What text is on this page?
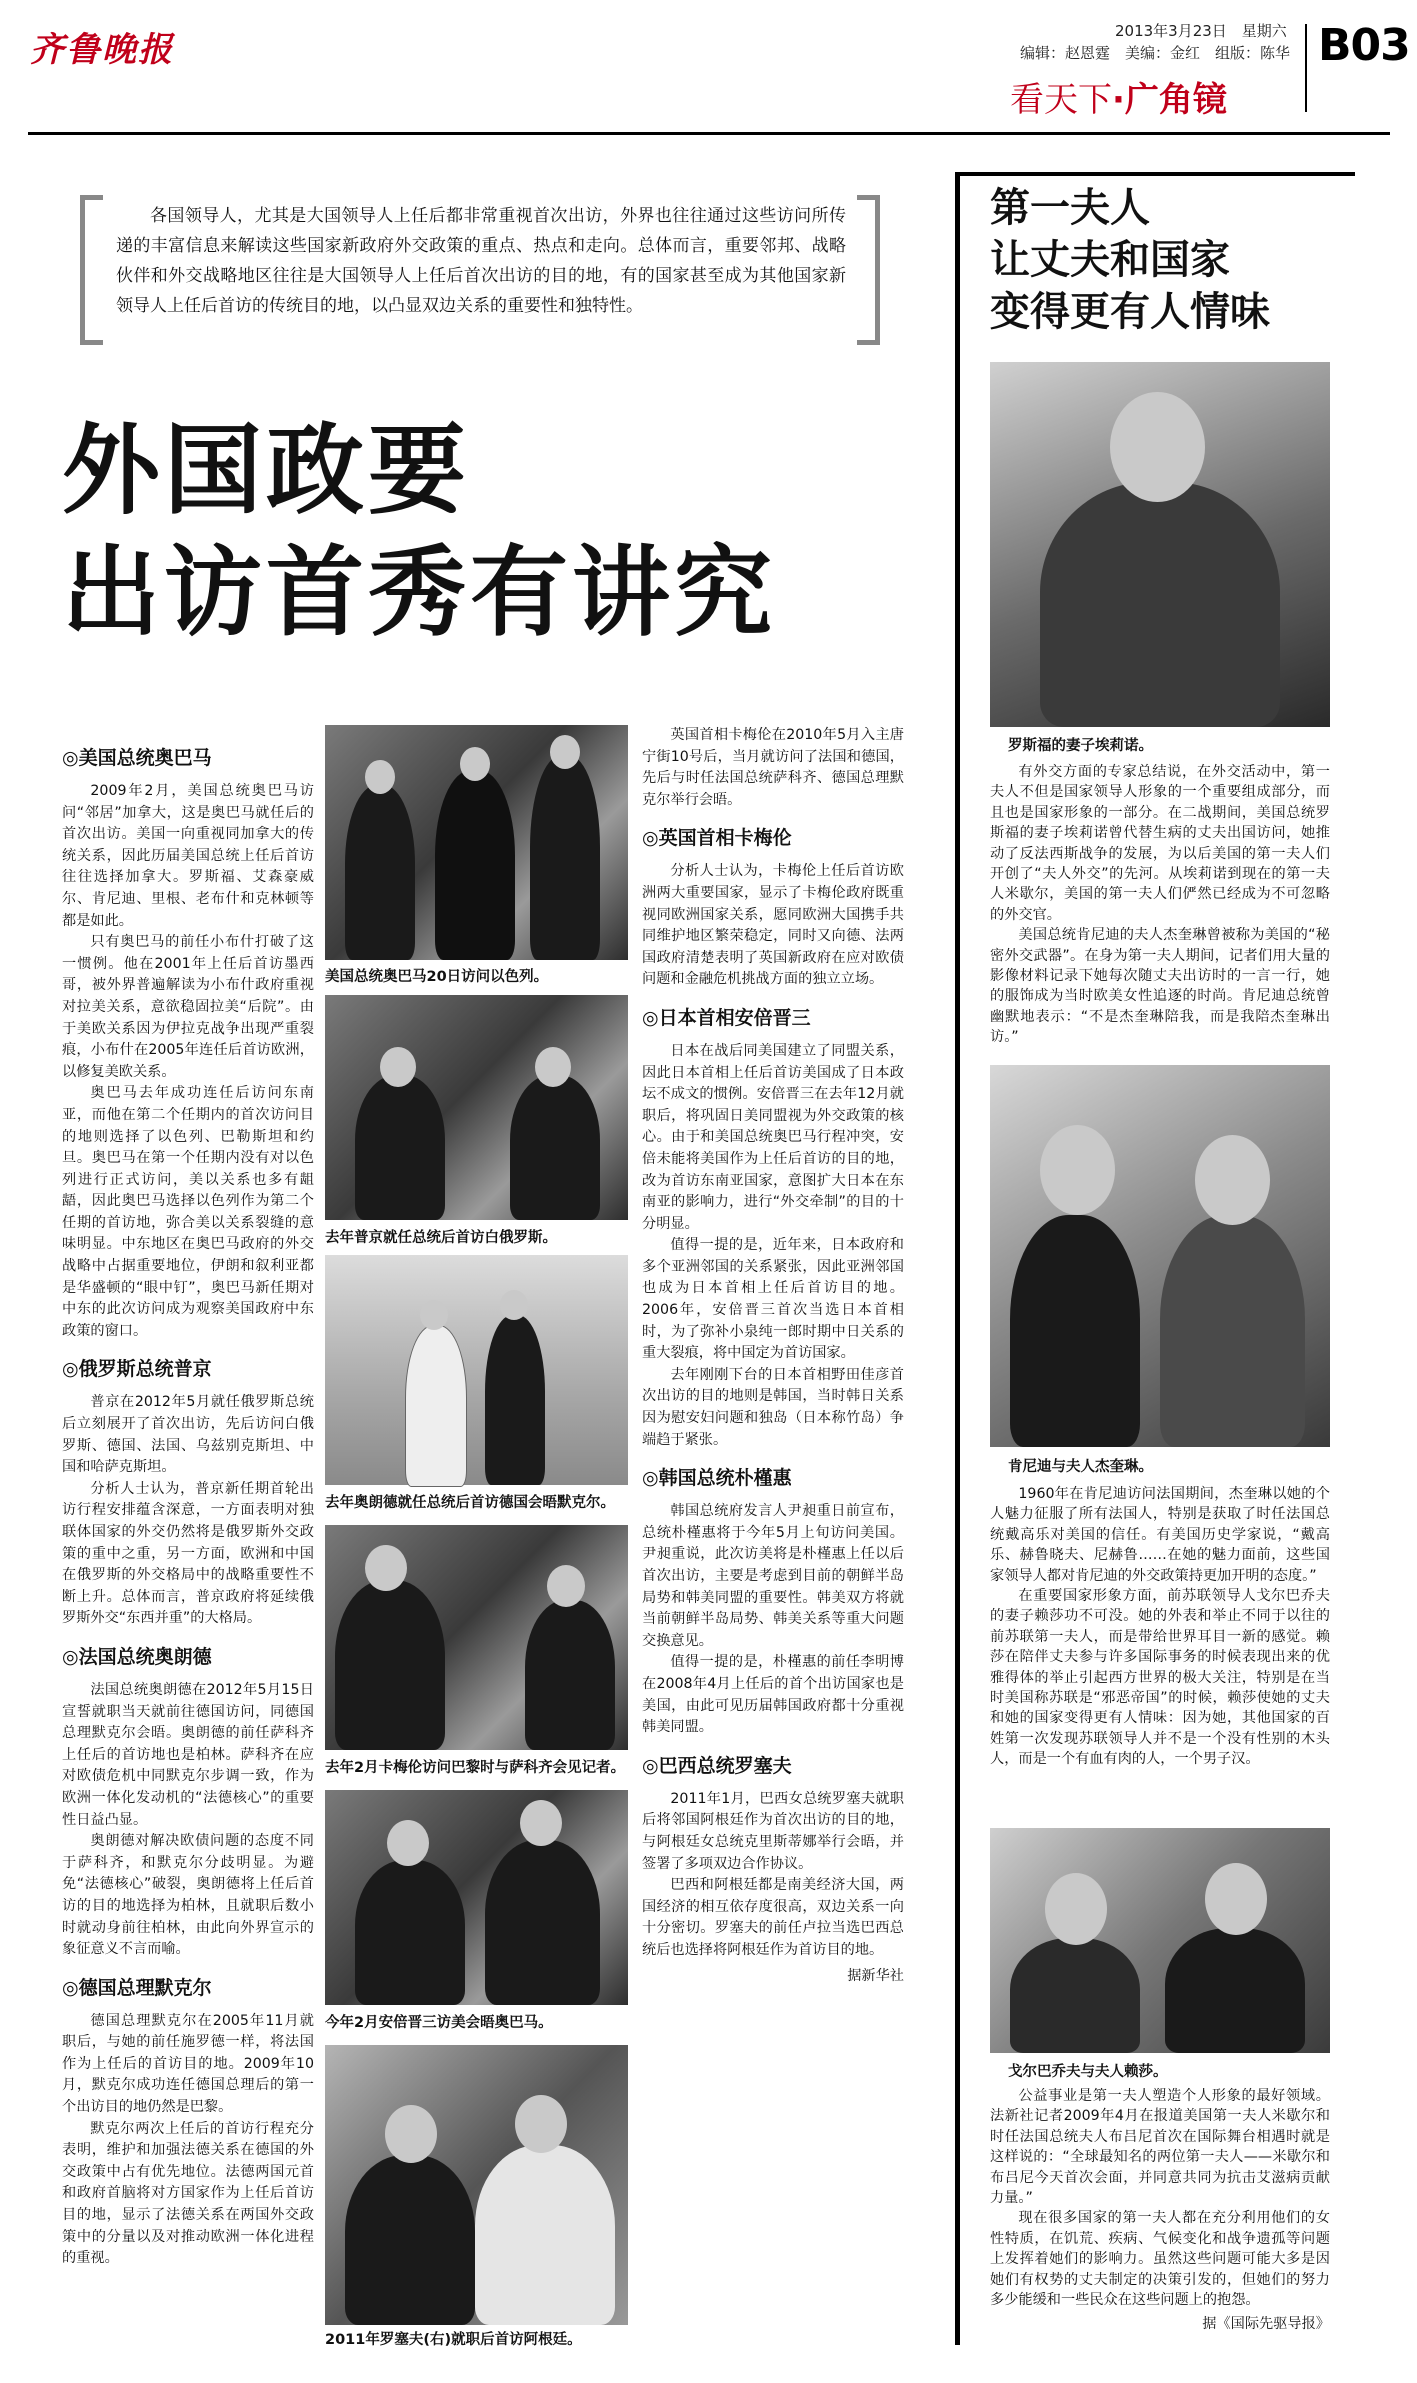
齐鲁晚报	2013年3月23日　星期六
编辑：赵恩霆　美编：金红　组版：陈华 B03
看天下·广角镜
各国领导人，尤其是大国领导人上任后都非常重视首次出访，外界也往往通过这些访问所传递的丰富信息来解读这些国家新政府外交政策的重点、热点和走向。总体而言，重要邻邦、战略伙伴和外交战略地区往往是大国领导人上任后首次出访的目的地，有的国家甚至成为其他国家新领导人上任后首访的传统目的地，以凸显双边关系的重要性和独特性。
外国政要
出访首秀有讲究
◎美国总统奥巴马

2009年2月，美国总统奥巴马访问“邻居”加拿大，这是奥巴马就任后的首次出访。美国一向重视同加拿大的传统关系，因此历届美国总统上任后首访往往选择加拿大。罗斯福、艾森豪威尔、肯尼迪、里根、老布什和克林顿等都是如此。

只有奥巴马的前任小布什打破了这一惯例。他在2001年上任后首访墨西哥，被外界普遍解读为小布什政府重视对拉美关系，意欲稳固拉美“后院”。由于美欧关系因为伊拉克战争出现严重裂痕，小布什在2005年连任后首访欧洲，以修复美欧关系。

奥巴马去年成功连任后访问东南亚，而他在第二个任期内的首次访问目的地则选择了以色列、巴勒斯坦和约旦。奥巴马在第一个任期内没有对以色列进行正式访问，美以关系也多有龃龉，因此奥巴马选择以色列作为第二个任期的首访地，弥合美以关系裂缝的意味明显。中东地区在奥巴马政府的外交战略中占据重要地位，伊朗和叙利亚都是华盛顿的“眼中钉”，奥巴马新任期对中东的此次访问成为观察美国政府中东政策的窗口。

◎俄罗斯总统普京

普京在2012年5月就任俄罗斯总统后立刻展开了首次出访，先后访问白俄罗斯、德国、法国、乌兹别克斯坦、中国和哈萨克斯坦。

分析人士认为，普京新任期首轮出访行程安排蕴含深意，一方面表明对独联体国家的外交仍然将是俄罗斯外交政策的重中之重，另一方面，欧洲和中国在俄罗斯的外交格局中的战略重要性不断上升。总体而言，普京政府将延续俄罗斯外交“东西并重”的大格局。

◎法国总统奥朗德

法国总统奥朗德在2012年5月15日宣誓就职当天就前往德国访问，同德国总理默克尔会晤。奥朗德的前任萨科齐上任后的首访地也是柏林。萨科齐在应对欧债危机中同默克尔步调一致，作为欧洲一体化发动机的“法德核心”的重要性日益凸显。

奥朗德对解决欧债问题的态度不同于萨科齐，和默克尔分歧明显。为避免“法德核心”破裂，奥朗德将上任后首访的目的地选择为柏林，且就职后数小时就动身前往柏林，由此向外界宣示的象征意义不言而喻。

◎德国总理默克尔

德国总理默克尔在2005年11月就职后，与她的前任施罗德一样，将法国作为上任后的首访目的地。2009年10月，默克尔成功连任德国总理后的第一个出访目的地仍然是巴黎。

默克尔两次上任后的首访行程充分表明，维护和加强法德关系在德国的外交政策中占有优先地位。法德两国元首和政府首脑将对方国家作为上任后首访目的地，显示了法德关系在两国外交政策中的分量以及对推动欧洲一体化进程的重视。

美国总统奥巴马20日访问以色列。
去年普京就任总统后首访白俄罗斯。
去年奥朗德就任总统后首访德国会晤默克尔。
去年2月卡梅伦访问巴黎时与萨科齐会见记者。
今年2月安倍晋三访美会晤奥巴马。
2011年罗塞夫(右)就职后首访阿根廷。

英国首相卡梅伦在2010年5月入主唐宁街10号后，当月就访问了法国和德国，先后与时任法国总统萨科齐、德国总理默克尔举行会晤。

◎英国首相卡梅伦

分析人士认为，卡梅伦上任后首访欧洲两大重要国家，显示了卡梅伦政府既重视同欧洲国家关系，愿同欧洲大国携手共同维护地区繁荣稳定，同时又向德、法两国政府清楚表明了英国新政府在应对欧债问题和金融危机挑战方面的独立立场。

◎日本首相安倍晋三

日本在战后同美国建立了同盟关系，因此日本首相上任后首访美国成了日本政坛不成文的惯例。安倍晋三在去年12月就职后，将巩固日美同盟视为外交政策的核心。由于和美国总统奥巴马行程冲突，安倍未能将美国作为上任后首访的目的地，改为首访东南亚国家，意图扩大日本在东南亚的影响力，进行“外交牵制”的目的十分明显。

值得一提的是，近年来，日本政府和多个亚洲邻国的关系紧张，因此亚洲邻国也成为日本首相上任后首访目的地。2006年，安倍晋三首次当选日本首相时，为了弥补小泉纯一郎时期中日关系的重大裂痕，将中国定为首访国家。

去年刚刚下台的日本首相野田佳彦首次出访的目的地则是韩国，当时韩日关系因为慰安妇问题和独岛（日本称竹岛）争端趋于紧张。

◎韩国总统朴槿惠

韩国总统府发言人尹昶重日前宣布，总统朴槿惠将于今年5月上旬访问美国。尹昶重说，此次访美将是朴槿惠上任以后首次出访，主要是考虑到目前的朝鲜半岛局势和韩美同盟的重要性。韩美双方将就当前朝鲜半岛局势、韩美关系等重大问题交换意见。

值得一提的是，朴槿惠的前任李明博在2008年4月上任后的首个出访国家也是美国，由此可见历届韩国政府都十分重视韩美同盟。

◎巴西总统罗塞夫

2011年1月，巴西女总统罗塞夫就职后将邻国阿根廷作为首次出访的目的地，与阿根廷女总统克里斯蒂娜举行会晤，并签署了多项双边合作协议。

巴西和阿根廷都是南美经济大国，两国经济的相互依存度很高，双边关系一向十分密切。罗塞夫的前任卢拉当选巴西总统后也选择将阿根廷作为首访目的地。

据新华社
第一夫人
让丈夫和国家
变得更有人情味
罗斯福的妻子埃莉诺。

有外交方面的专家总结说，在外交活动中，第一夫人不但是国家领导人形象的一个重要组成部分，而且也是国家形象的一部分。在二战期间，美国总统罗斯福的妻子埃莉诺曾代替生病的丈夫出国访问，她推动了反法西斯战争的发展，为以后美国的第一夫人们开创了“夫人外交”的先河。从埃莉诺到现在的第一夫人米歇尔，美国的第一夫人们俨然已经成为不可忽略的外交官。

美国总统肯尼迪的夫人杰奎琳曾被称为美国的“秘密外交武器”。在身为第一夫人期间，记者们用大量的影像材料记录下她每次随丈夫出访时的一言一行，她的服饰成为当时欧美女性追逐的时尚。肯尼迪总统曾幽默地表示：“不是杰奎琳陪我，而是我陪杰奎琳出访。”

肯尼迪与夫人杰奎琳。

1960年在肯尼迪访问法国期间，杰奎琳以她的个人魅力征服了所有法国人，特别是获取了时任法国总统戴高乐对美国的信任。有美国历史学家说，“戴高乐、赫鲁晓夫、尼赫鲁……在她的魅力面前，这些国家领导人都对肯尼迪的外交政策持更加开明的态度。”

在重要国家形象方面，前苏联领导人戈尔巴乔夫的妻子赖莎功不可没。她的外表和举止不同于以往的前苏联第一夫人，而是带给世界耳目一新的感觉。赖莎在陪伴丈夫参与许多国际事务的时候表现出来的优雅得体的举止引起西方世界的极大关注，特别是在当时美国称苏联是“邪恶帝国”的时候，赖莎使她的丈夫和她的国家变得更有人情味：因为她，其他国家的百姓第一次发现苏联领导人并不是一个没有性别的木头人，而是一个有血有肉的人，一个男子汉。

戈尔巴乔夫与夫人赖莎。

公益事业是第一夫人塑造个人形象的最好领域。法新社记者2009年4月在报道美国第一夫人米歇尔和时任法国总统夫人布吕尼首次在国际舞台相遇时就是这样说的：“全球最知名的两位第一夫人——米歇尔和布吕尼今天首次会面，并同意共同为抗击艾滋病贡献力量。”

现在很多国家的第一夫人都在充分利用他们的女性特质，在饥荒、疾病、气候变化和战争遗孤等问题上发挥着她们的影响力。虽然这些问题可能大多是因她们有权势的丈夫制定的决策引发的，但她们的努力多少能缓和一些民众在这些问题上的抱怨。

据《国际先驱导报》
